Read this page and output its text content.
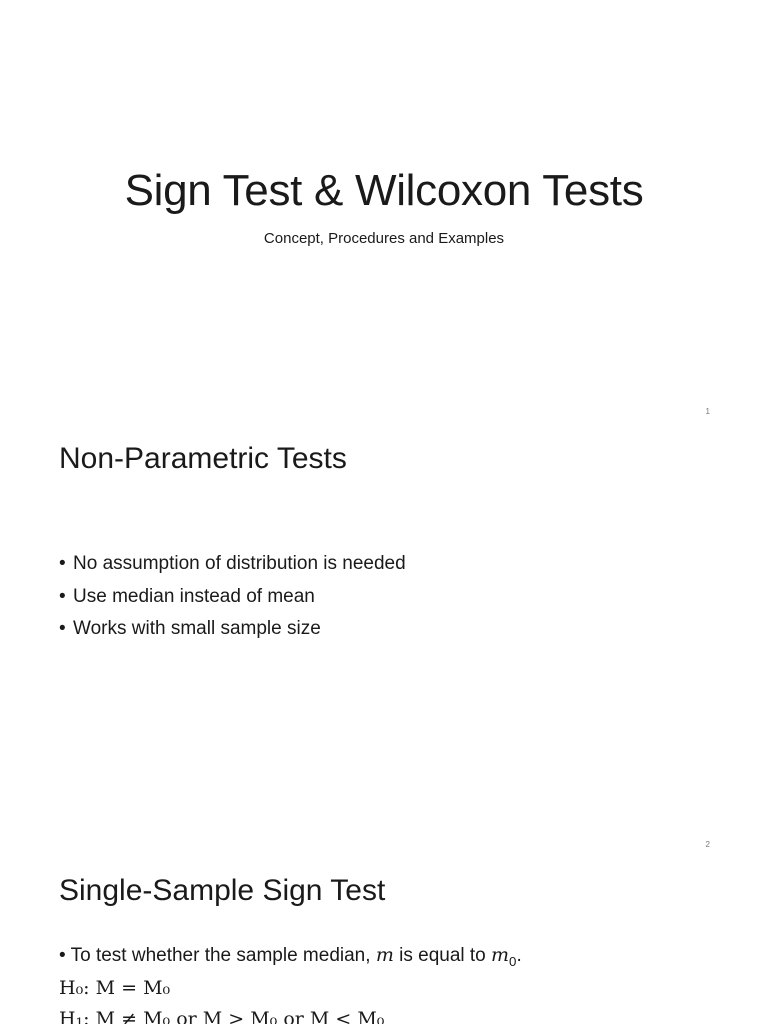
Sign Test & Wilcoxon Tests
Concept, Procedures and Examples
1
Non-Parametric Tests
• No assumption of distribution is needed
• Use median instead of mean
• Works with small sample size
2
Single-Sample Sign Test
• To test whether the sample median, m is equal to $m_0$.
H₀: M = M₀
H₁: M ≠ M₀ or M > M₀ or M < M₀
